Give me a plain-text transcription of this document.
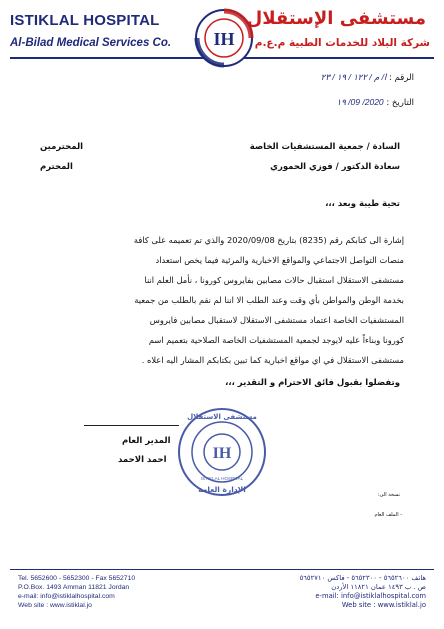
ISTIKLAL HOSPITAL
Al-Bilad Medical Services Co.
مستشفى الإستقلال
شركة البلاد للخدمات الطبية م.ع.م
IH
الرقم : ا/ م / ١٢٢ / ١٩ / ٢٣
التاريخ : 2020/ 09/ ١٩
السادة / جمعية المستشفيات الخاصة
المحترمين
سعادة الدكتور / فوزي الحموري
المحترم
تحية طيبة وبعد ،،،

إشارة الى كتابكم رقم (8235) بتاريخ 2020/09/08 والذي تم تعميمه على كافة

منصات التواصل الاجتماعي والمواقع الاخبارية والمرئية فيما يخص استعداد

مستشفى الاستقلال استقبال حالات مصابين بفايروس كورونا ، نأمل العلم اننا

بخدمة الوطن والمواطن بأي وقت وعند الطلب الا اننا لم نقم بالطلب من جمعية

المستشفيات الخاصة اعتماد مستشفى الاستقلال لاستقبال مصابين فايروس

كورونا وبناءاً عليه لايوجد لجمعية المستشفيات الخاصة الصلاحية بتعميم اسم

مستشفى الاستقلال في اي مواقع اخبارية كما تبين بكتابكم المشار اليه اعلاه .

وتفضلوا بقبول فائق الاحترام و التقدير ،،،
المدير العام
احمد الاحمد	IH
مستشفى الاستقلال
الإدارة العامة
ISTIKLAL HOSPITAL
نسخة الى:
- الملف العام
Tel. 5652600 - 5652300 - Fax 5652710
P.O.Box. 1493 Amman 11821 Jordan
e-mail: info@istiklalhospital.com
Web site : www.istiklal.jo
هاتف ٥٦٥٢٦٠٠ - ٥٦٥٢٣٠٠ - فاكس ٥٦٥٢٧١٠
ص . ب ١٤٩٣ عمان ١١٨٢١ الأردن
e-mail: info@istiklalhospital.com
Web site : www.istiklal.jo
